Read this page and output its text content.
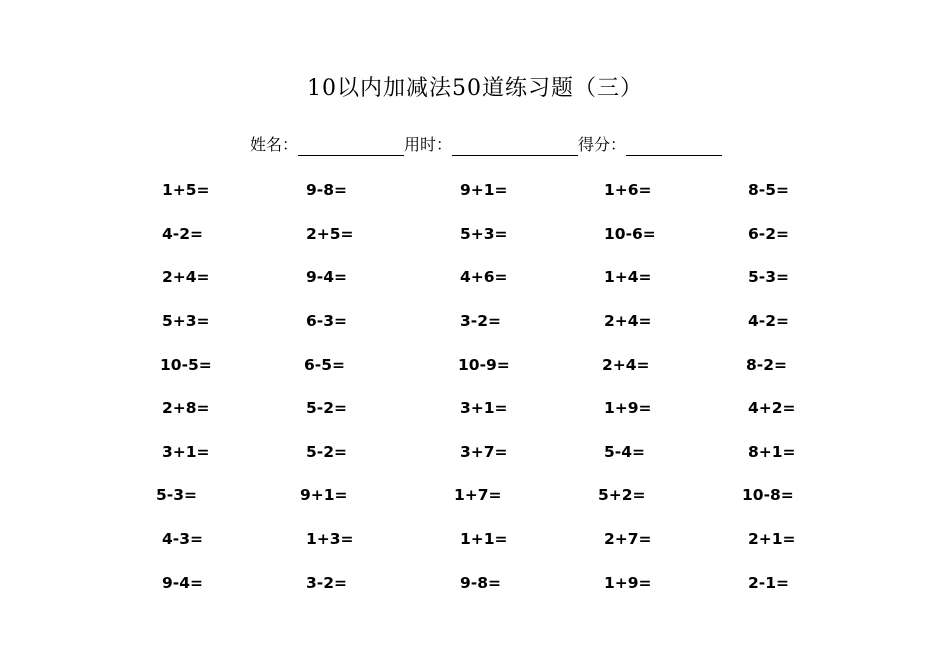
10以内加减法50道练习题（三）
姓名：	用时：	得分：
1+5=	9-8=	9+1=	1+6=	8-5=
4-2=	2+5=	5+3=	10-6=	6-2=
2+4=	9-4=	4+6=	1+4=	5-3=
5+3=	6-3=	3-2=	2+4=	4-2=
10-5=	6-5=	10-9=	2+4=	8-2=
2+8=	5-2=	3+1=	1+9=	4+2=
3+1=	5-2=	3+7=	5-4=	8+1=
5-3=	9+1=	1+7=	5+2=	10-8=
4-3=	1+3=	1+1=	2+7=	2+1=
9-4=	3-2=	9-8=	1+9=	2-1=
